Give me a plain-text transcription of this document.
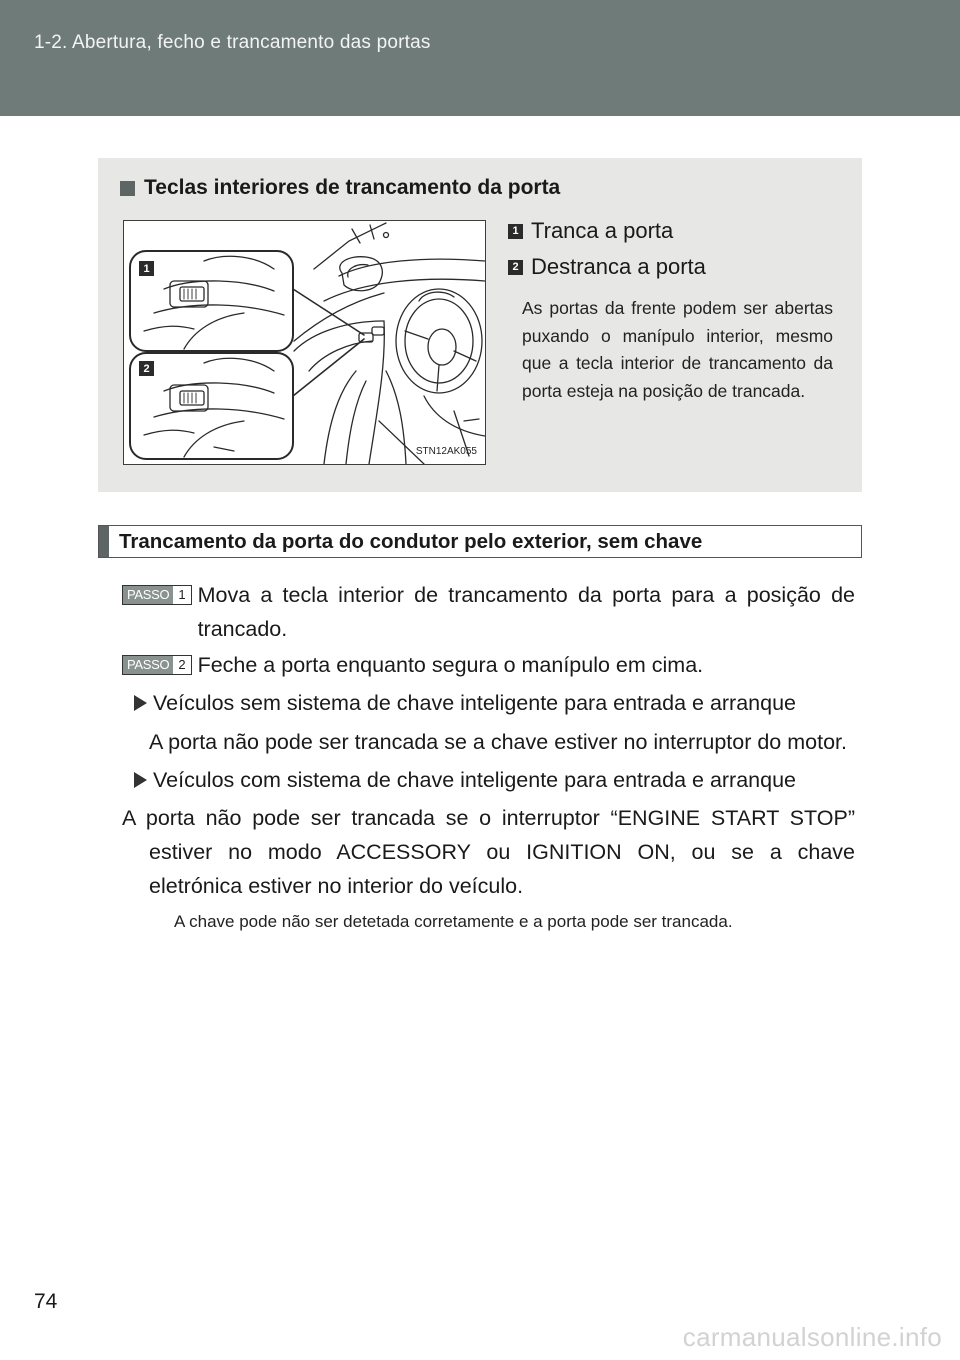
1-2. Abertura, fecho e trancamento das portas
Teclas interiores de trancamento da porta
1
2
STN12AK055
1 Tranca a porta
2 Destranca a porta
As portas da frente podem ser abertas puxando o manípulo interior, mesmo que a tecla interior de trancamento da porta esteja na posição de trancada.
Trancamento da porta do condutor pelo exterior, sem chave
PASSO 1 Mova a tecla interior de trancamento da porta para a posição de trancado.
PASSO 2 Feche a porta enquanto segura o manípulo em cima.
Veículos sem sistema de chave inteligente para entrada e arranque
A porta não pode ser trancada se a chave estiver no interruptor do motor.
Veículos com sistema de chave inteligente para entrada e arranque
A porta não pode ser trancada se o interruptor “ENGINE START STOP” estiver no modo ACCESSORY ou IGNITION ON, ou se a chave eletrónica estiver no interior do veículo.
A chave pode não ser detetada corretamente e a porta pode ser trancada.
74
carmanualsonline.info
